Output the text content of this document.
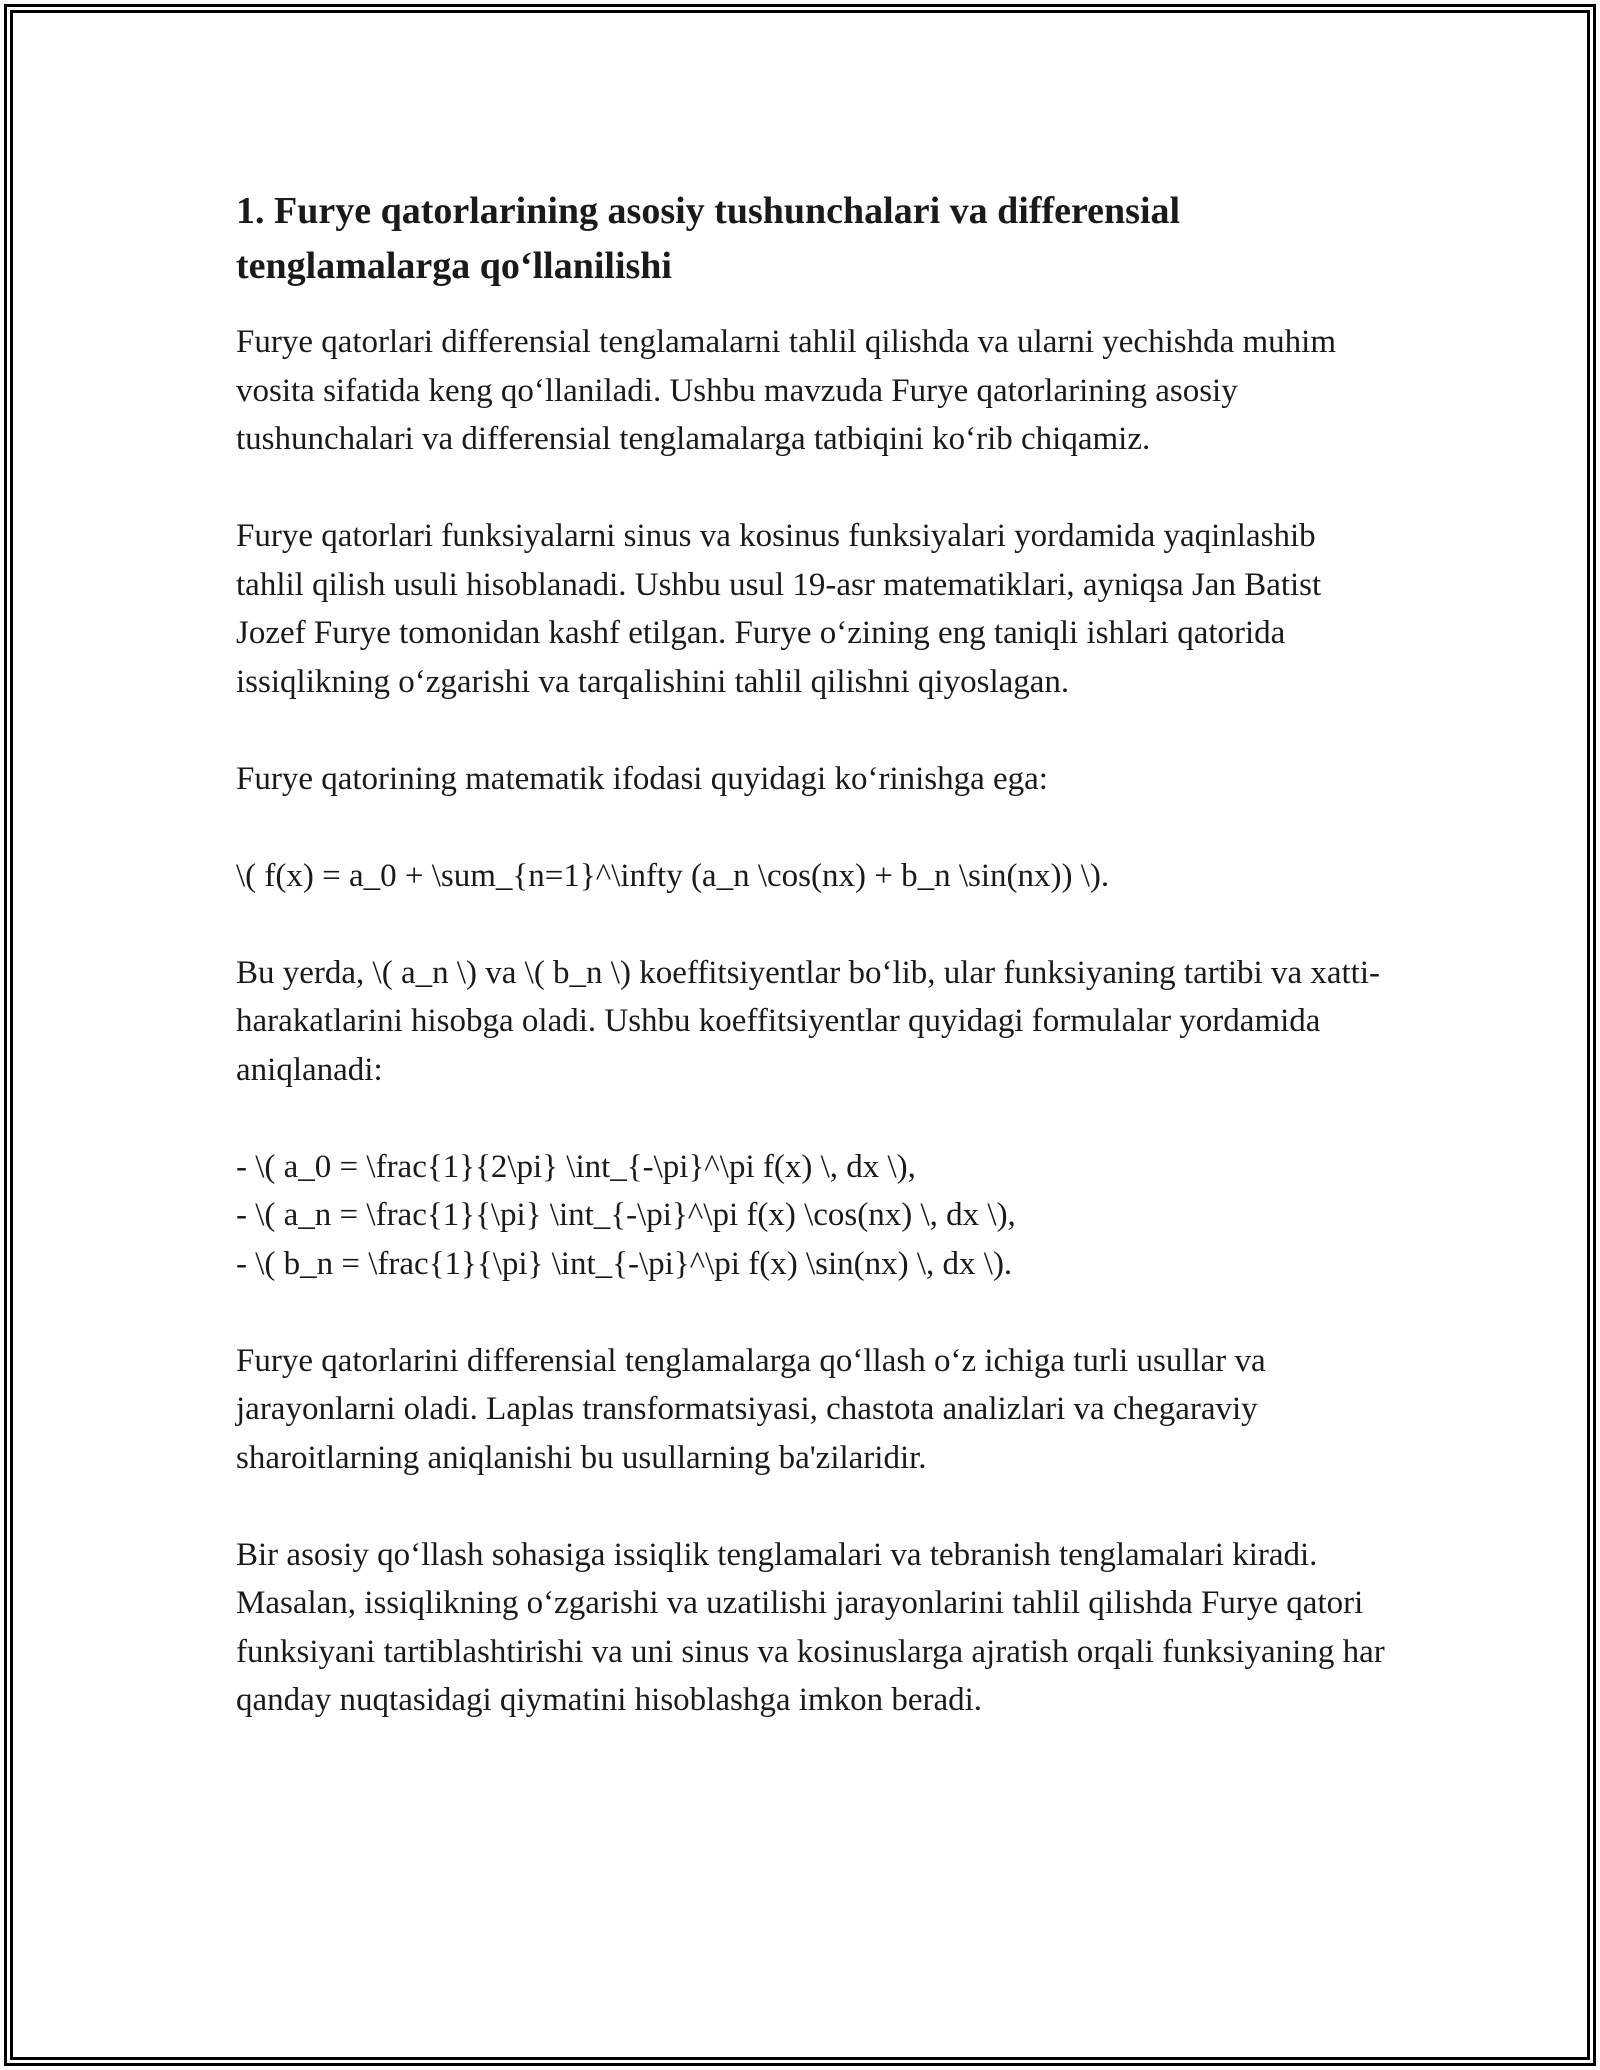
1. Furye qatorlarining asosiy tushunchalari va differensial tenglamalarga qo‘llanilishi

Furye qatorlari differensial tenglamalarni tahlil qilishda va ularni yechishda muhim vosita sifatida keng qo‘llaniladi. Ushbu mavzuda Furye qatorlarining asosiy tushunchalari va differensial tenglamalarga tatbiqini ko‘rib chiqamiz.

Furye qatorlari funksiyalarni sinus va kosinus funksiyalari yordamida yaqinlashib tahlil qilish usuli hisoblanadi. Ushbu usul 19-asr matematiklari, ayniqsa Jan Batist Jozef Furye tomonidan kashf etilgan. Furye o‘zining eng taniqli ishlari qatorida issiqlikning o‘zgarishi va tarqalishini tahlil qilishni qiyoslagan.

Furye qatorining matematik ifodasi quyidagi ko‘rinishga ega:

\( f(x) = a_0 + \sum_{n=1}^\infty (a_n \cos(nx) + b_n \sin(nx)) \).

Bu yerda, \( a_n \) va \( b_n \) koeffitsiyentlar bo‘lib, ular funksiyaning tartibi va xatti-harakatlarini hisobga oladi. Ushbu koeffitsiyentlar quyidagi formulalar yordamida aniqlanadi:

- \( a_0 = \frac{1}{2\pi} \int_{-\pi}^\pi f(x) \, dx \),
- \( a_n = \frac{1}{\pi} \int_{-\pi}^\pi f(x) \cos(nx) \, dx \),
- \( b_n = \frac{1}{\pi} \int_{-\pi}^\pi f(x) \sin(nx) \, dx \).

Furye qatorlarini differensial tenglamalarga qo‘llash o‘z ichiga turli usullar va jarayonlarni oladi. Laplas transformatsiyasi, chastota analizlari va chegaraviy sharoitlarning aniqlanishi bu usullarning ba'zilaridir.

Bir asosiy qo‘llash sohasiga issiqlik tenglamalari va tebranish tenglamalari kiradi. Masalan, issiqlikning o‘zgarishi va uzatilishi jarayonlarini tahlil qilishda Furye qatori funksiyani tartiblashtirishi va uni sinus va kosinuslarga ajratish orqali funksiyaning har qanday nuqtasidagi qiymatini hisoblashga imkon beradi.
